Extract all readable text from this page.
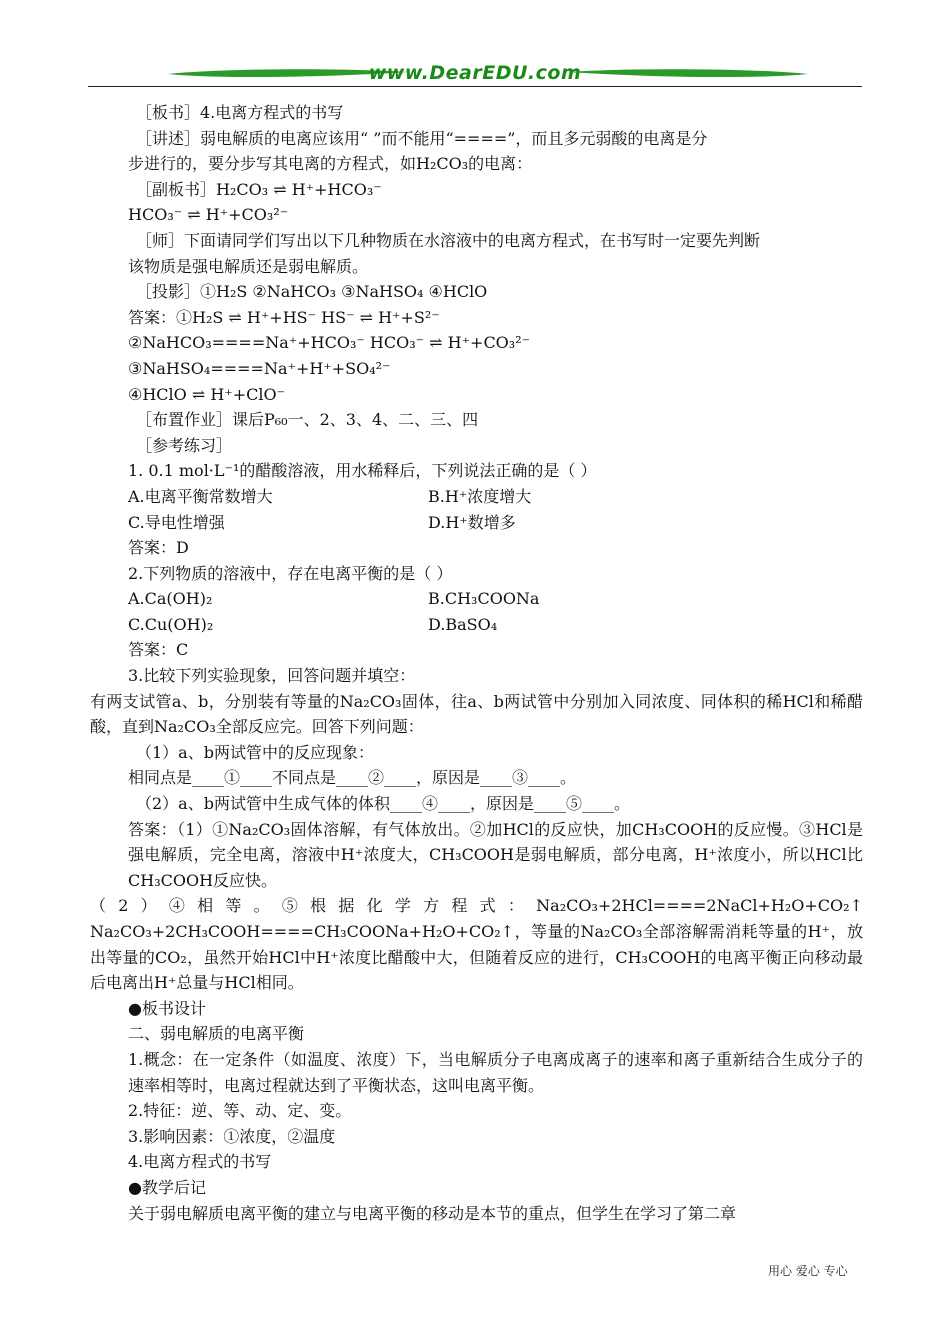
www.DearEDU.com
［板书］4.电离方程式的书写
［讲述］弱电解质的电离应该用“ ”而不能用“====”，而且多元弱酸的电离是分
步进行的，要分步写其电离的方程式，如H₂CO₃的电离：
［副板书］H₂CO₃ ⇌ H⁺+HCO₃⁻
HCO₃⁻ ⇌ H⁺+CO₃²⁻
［师］下面请同学们写出以下几种物质在水溶液中的电离方程式，在书写时一定要先判断
该物质是强电解质还是弱电解质。
［投影］①H₂S ②NaHCO₃ ③NaHSO₄ ④HClO
答案：①H₂S ⇌ H⁺+HS⁻ HS⁻ ⇌ H⁺+S²⁻
②NaHCO₃====Na⁺+HCO₃⁻ HCO₃⁻ ⇌ H⁺+CO₃²⁻
③NaHSO₄====Na⁺+H⁺+SO₄²⁻
④HClO ⇌ H⁺+ClO⁻
［布置作业］课后P₆₀一、2、3、4、二、三、四
［参考练习］
1. 0.1 mol·L⁻¹的醋酸溶液，用水稀释后，下列说法正确的是（ ）
A.电离平衡常数增大	B.H⁺浓度增大
C.导电性增强	D.H⁺数增多
答案：D
2.下列物质的溶液中，存在电离平衡的是（ ）
A.Ca(OH)₂	B.CH₃COONa
C.Cu(OH)₂	D.BaSO₄
答案：C
3.比较下列实验现象，回答问题并填空：
有两支试管a、b，分别装有等量的Na₂CO₃固体，往a、b两试管中分别加入同浓度、同体积的稀HCl和稀醋酸，直到Na₂CO₃全部反应完。回答下列问题：
（1）a、b两试管中的反应现象：
相同点是____①____不同点是____②____，原因是____③____。
（2）a、b两试管中生成气体的体积____④____，原因是____⑤____。
答案：（1）①Na₂CO₃固体溶解，有气体放出。②加HCl的反应快，加CH₃COOH的反应慢。③HCl是强电解质，完全电离，溶液中H⁺浓度大，CH₃COOH是弱电解质，部分电离，H⁺浓度小，所以HCl比CH₃COOH反应快。
（2）④相等。⑤根据化学方程式：Na₂CO₃+2HCl====2NaCl+H₂O+CO₂↑ Na₂CO₃+2CH₃COOH====CH₃COONa+H₂O+CO₂↑，等量的Na₂CO₃全部溶解需消耗等量的H⁺，放出等量的CO₂，虽然开始HCl中H⁺浓度比醋酸中大，但随着反应的进行，CH₃COOH的电离平衡正向移动最后电离出H⁺总量与HCl相同。
●板书设计
二、弱电解质的电离平衡
1.概念：在一定条件（如温度、浓度）下，当电解质分子电离成离子的速率和离子重新结合生成分子的速率相等时，电离过程就达到了平衡状态，这叫电离平衡。
2.特征：逆、等、动、定、变。
3.影响因素：①浓度，②温度
4.电离方程式的书写
●教学后记
关于弱电解质电离平衡的建立与电离平衡的移动是本节的重点，但学生在学习了第二章
用心 爱心 专心
